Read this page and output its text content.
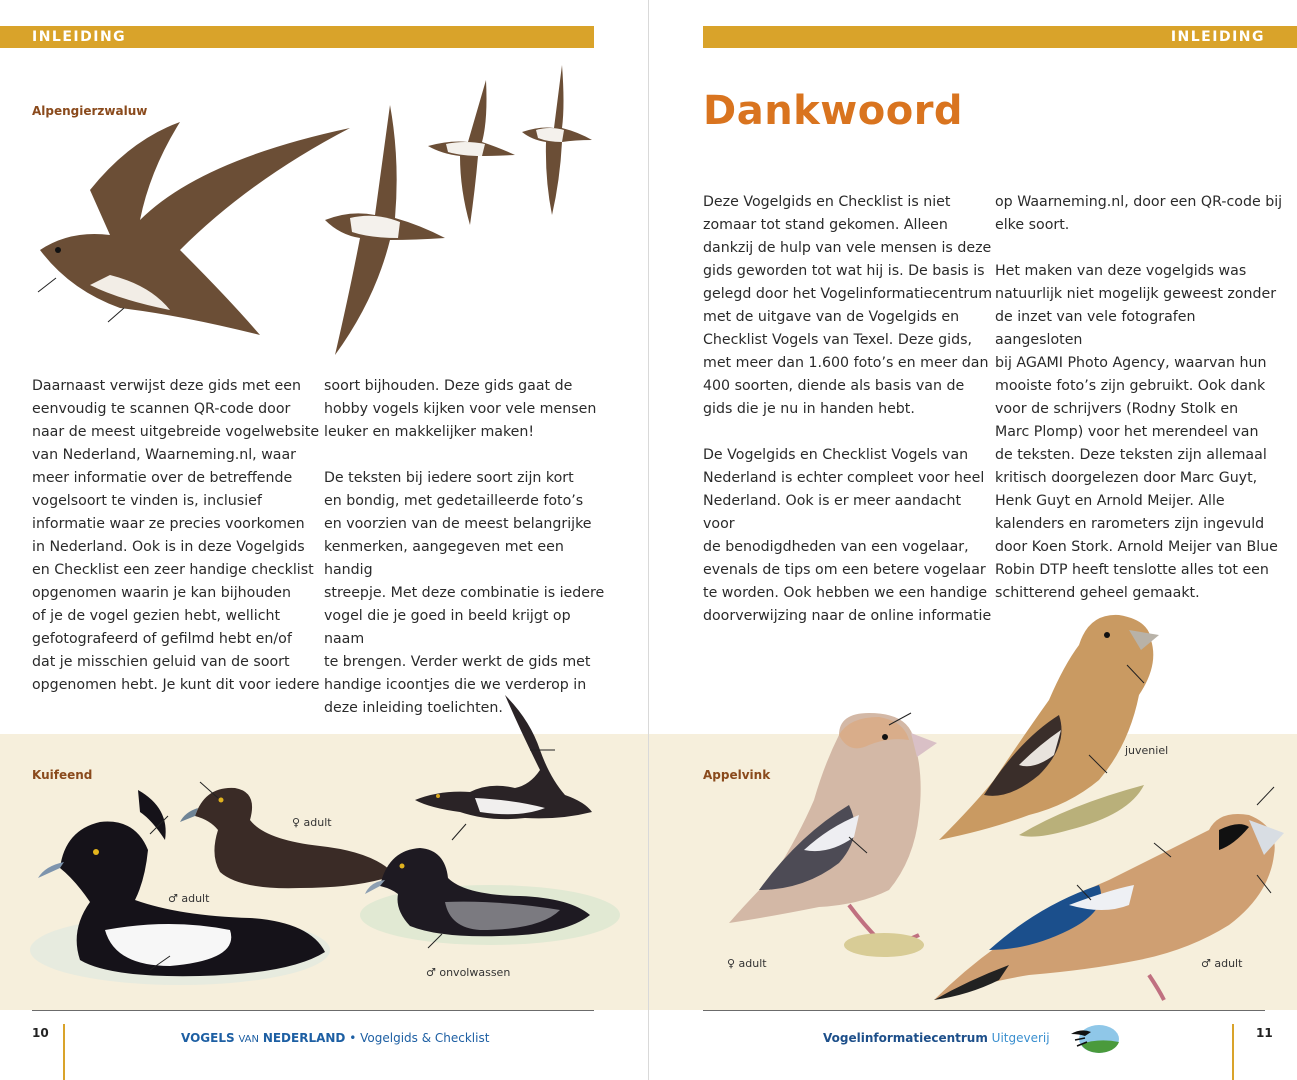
INLEIDING
Alpengierzwaluw

Daarnaast verwijst deze gids met een
eenvoudig te scannen QR-code door
naar de meest uitgebreide vogelwebsite
van Nederland, Waarneming.nl, waar
meer informatie over de betreffende
vogelsoort te vinden is, inclusief
informatie waar ze precies voorkomen
in Nederland. Ook is in deze Vogelgids
en Checklist een zeer handige checklist
opgenomen waarin je kan bijhouden
of je de vogel gezien hebt, wellicht
gefotografeerd of gefilmd hebt en/of
dat je misschien geluid van de soort
opgenomen hebt. Je kunt dit voor iedere

soort bijhouden. Deze gids gaat de
hobby vogels kijken voor vele mensen
leuker en makkelijker maken!

De teksten bij iedere soort zijn kort
en bondig, met gedetailleerde foto’s
en voorzien van de meest belangrijke
kenmerken, aangegeven met een handig
streepje. Met deze combinatie is iedere
vogel die je goed in beeld krijgt op naam
te brengen. Verder werkt de gids met
handige icoontjes die we verderop in
deze inleiding toelichten.

Kuifeend
♀ adult
♂ adult
♂ onvolwassen
10	VOGELS VAN NEDERLAND • Vogelgids & Checklist
INLEIDING
Dankwoord

Deze Vogelgids en Checklist is niet
zomaar tot stand gekomen. Alleen
dankzij de hulp van vele mensen is deze
gids geworden tot wat hij is. De basis is
gelegd door het Vogelinformatiecentrum
met de uitgave van de Vogelgids en
Checklist Vogels van Texel. Deze gids,
met meer dan 1.600 foto’s en meer dan
400 soorten, diende als basis van de
gids die je nu in handen hebt.

De Vogelgids en Checklist Vogels van
Nederland is echter compleet voor heel
Nederland. Ook is er meer aandacht voor
de benodigdheden van een vogelaar,
evenals de tips om een betere vogelaar
te worden. Ook hebben we een handige
doorverwijzing naar de online informatie

op Waarneming.nl, door een QR-code bij
elke soort.

Het maken van deze vogelgids was
natuurlijk niet mogelijk geweest zonder
de inzet van vele fotografen aangesloten
bij AGAMI Photo Agency, waarvan hun
mooiste foto’s zijn gebruikt. Ook dank
voor de schrijvers (Rodny Stolk en
Marc Plomp) voor het merendeel van
de teksten. Deze teksten zijn allemaal
kritisch doorgelezen door Marc Guyt,
Henk Guyt en Arnold Meijer. Alle
kalenders en rarometers zijn ingevuld
door Koen Stork. Arnold Meijer van Blue
Robin DTP heeft tenslotte alles tot een
schitterend geheel gemaakt.

Appelvink
juveniel
♀ adult	♂ adult
11
Vogelinformatiecentrum Uitgeverij
